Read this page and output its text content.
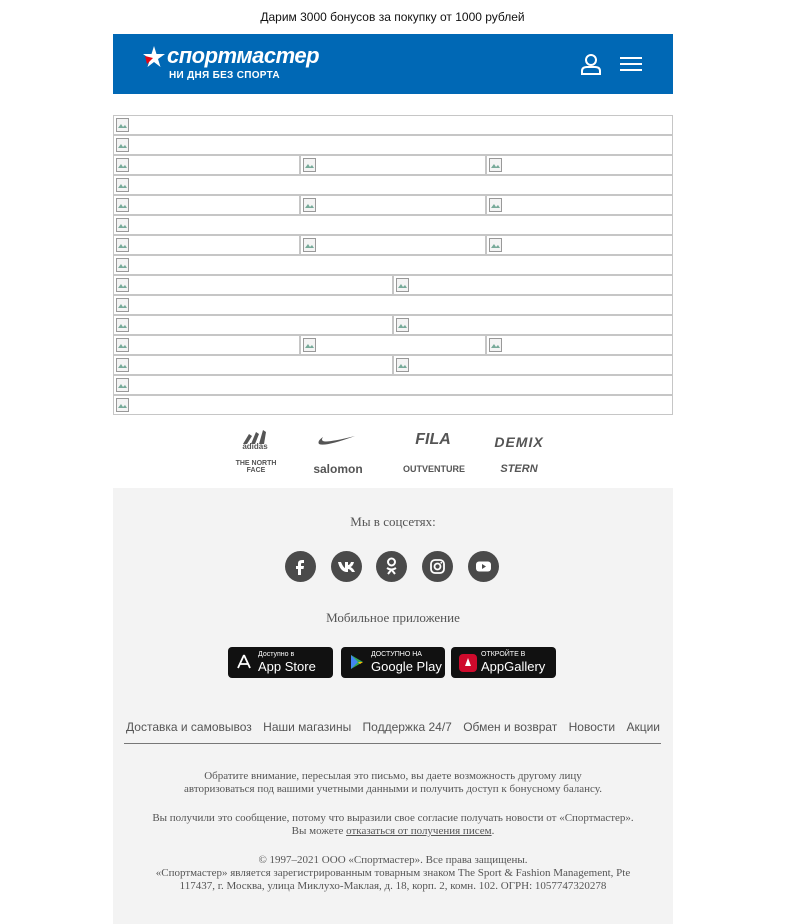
Дарим 3000 бонусов за покупку от 1000 рублей
спортмастер
НИ ДНЯ БЕЗ СПОРТА
adidas	FILA	DEMIX
THE NORTH FACE	salomon	OUTVENTURE	STERN
Мы в соцсетях:
Мобильное приложение
Доступно в
App Store
ДОСТУПНО НА
Google Play
ОТКРОЙТЕ В
AppGallery
Доставка и самовывоз Наши магазины Поддержка 24/7 Обмен и возврат Новости Акции
Обратите внимание, пересылая это письмо, вы даете возможность другому лицу
авторизоваться под вашими учетными данными и получить доступ к бонусному балансу.
Вы получили это сообщение, потому что выразили свое согласие получать новости от «Спортмастер».
Вы можете отказаться от получения писем.
© 1997–2021 ООО «Спортмастер». Все права защищены.
«Спортмастер» является зарегистрированным товарным знаком The Sport & Fashion Management, Pte
117437, г. Москва, улица Миклухо-Маклая, д. 18, корп. 2, комн. 102. ОГРН: 1057747320278
